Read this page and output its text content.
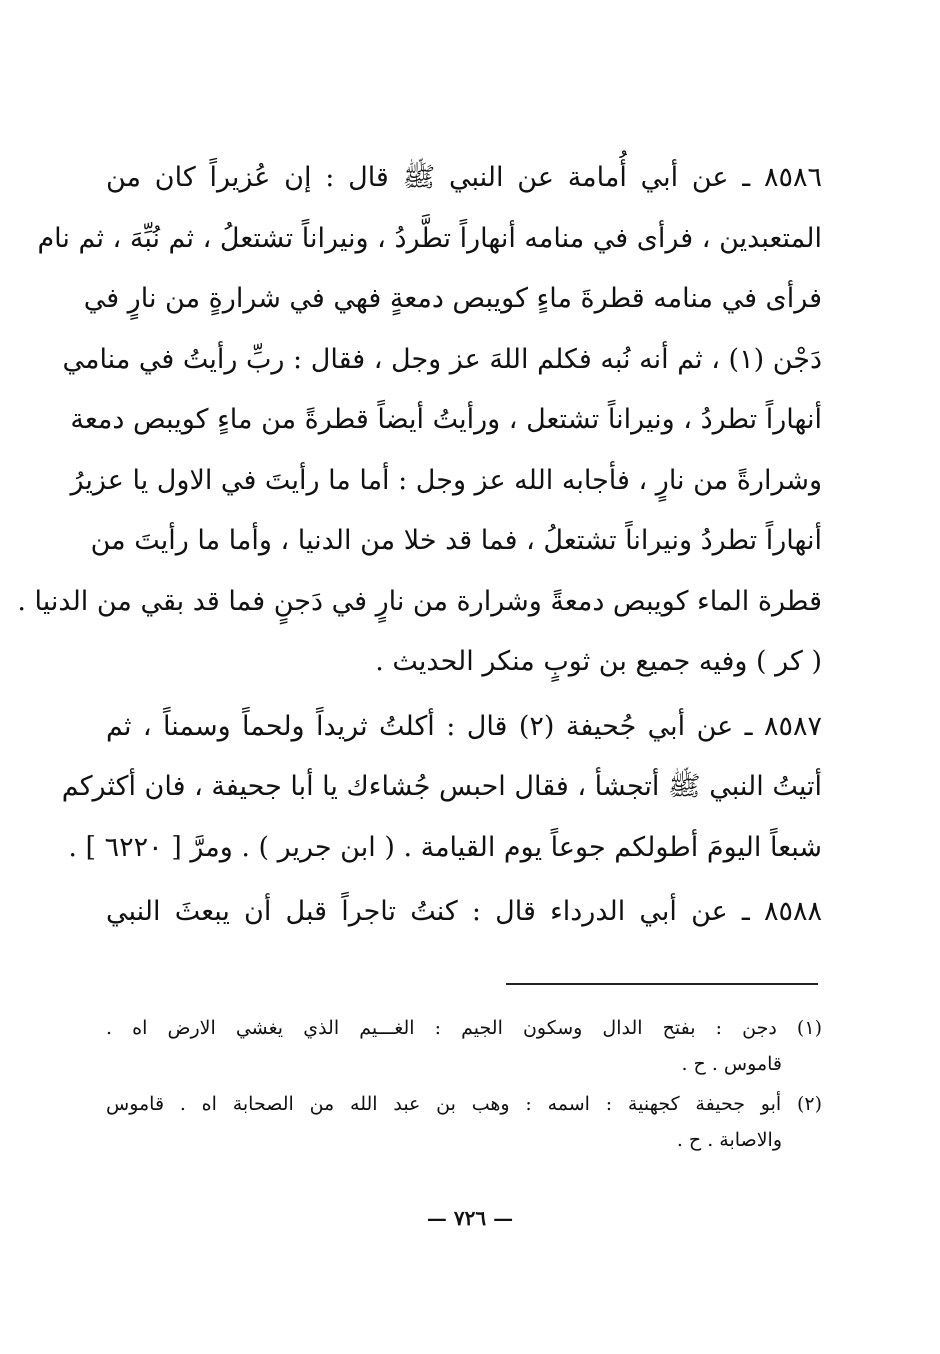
٨٥٨٦ ـ عن أبي أُمامة عن النبي ﷺ قال : إن عُزيراً كان من
المتعبدين ، فرأى في منامه أنهاراً تطَّردُ ، ونيراناً تشتعلُ ، ثم نُبِّهَ ، ثم نام
فرأى في منامه قطرةَ ماءٍ كويبص دمعةٍ فهي في شرارةٍ من نارٍ في
دَجْن (١) ، ثم أنه نُبه فكلم اللهَ عز وجل ، فقال : ربِّ رأيتُ في منامي
أنهاراً تطردُ ، ونيراناً تشتعل ، ورأيتُ أيضاً قطرةً من ماءٍ كويبص دمعة
وشرارةً من نارٍ ، فأجابه الله عز وجل : أما ما رأيتَ في الاول يا عزيرُ
أنهاراً تطردُ ونيراناً تشتعلُ ، فما قد خلا من الدنيا ، وأما ما رأيتَ من
قطرة الماء كويبص دمعةً وشرارة من نارٍ في دَجنٍ فما قد بقي من الدنيا .
( كر ) وفيه جميع بن ثوبٍ منكر الحديث .
٨٥٨٧ ـ عن أبي جُحيفة (٢) قال : أكلتُ ثريداً ولحماً وسمناً ، ثم
أتيتُ النبي ﷺ أتجشأ ، فقال احبس جُشاءك يا أبا جحيفة ، فان أكثركم
شبعاً اليومَ أطولكم جوعاً يوم القيامة . ( ابن جرير ) . ومرَّ [ ٦٢٢٠ ] .
٨٥٨٨ ـ عن أبي الدرداء قال : كنتُ تاجراً قبل أن يبعثَ النبي
(١) دجن : بفتح الدال وسكون الجيم : الغـــيم الذي يغشي الارض اه .
قاموس . ح .
(٢) أبو جحيفة كجهنية : اسمه : وهب بن عبد الله من الصحابة اه . قاموس
والاصابة . ح .
— ٧٢٦ —
